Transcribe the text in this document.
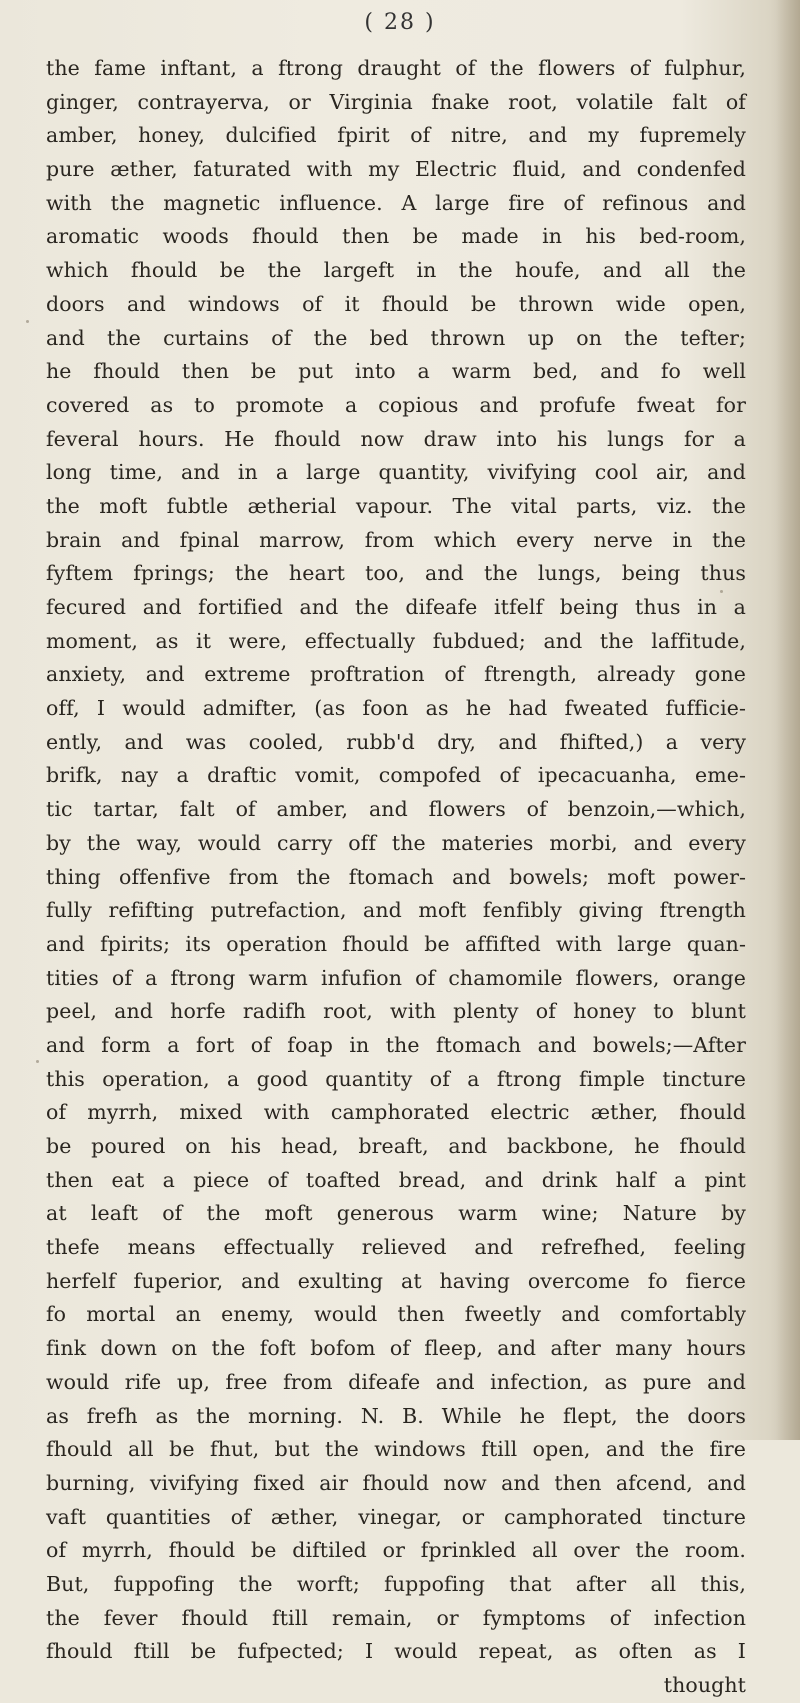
( 28 )
the fame inftant, a ftrong draught of the flowers of fulphur,
ginger, contrayerva, or Virginia fnake root, volatile falt of
amber, honey, dulcified fpirit of nitre, and my fupremely
pure æther, faturated with my Electric fluid, and condenfed
with the magnetic influence. A large fire of refinous and
aromatic woods fhould then be made in his bed-room,
which fhould be the largeft in the houfe, and all the
doors and windows of it fhould be thrown wide open,
and the curtains of the bed thrown up on the tefter;
he fhould then be put into a warm bed, and fo well
covered as to promote a copious and profufe fweat for
feveral hours. He fhould now draw into his lungs for a
long time, and in a large quantity, vivifying cool air, and
the moft fubtle ætherial vapour. The vital parts, viz. the
brain and fpinal marrow, from which every nerve in the
fyftem fprings; the heart too, and the lungs, being thus
fecured and fortified and the difeafe itfelf being thus in a
moment, as it were, effectually fubdued; and the laffitude,
anxiety, and extreme proftration of ftrength, already gone
off, I would admifter, (as foon as he had fweated fufficie-
ently, and was cooled, rubb'd dry, and fhifted,) a very
brifk, nay a draftic vomit, compofed of ipecacuanha, eme-
tic tartar, falt of amber, and flowers of benzoin,—which,
by the way, would carry off the materies morbi, and every
thing offenfive from the ftomach and bowels; moft power-
fully refifting putrefaction, and moft fenfibly giving ftrength
and fpirits; its operation fhould be affifted with large quan-
tities of a ftrong warm infufion of chamomile flowers, orange
peel, and horfe radifh root, with plenty of honey to blunt
and form a fort of foap in the ftomach and bowels;—After
this operation, a good quantity of a ftrong fimple tincture
of myrrh, mixed with camphorated electric æther, fhould
be poured on his head, breaft, and backbone, he fhould
then eat a piece of toafted bread, and drink half a pint
at leaft of the moft generous warm wine; Nature by
thefe means effectually relieved and refrefhed, feeling
herfelf fuperior, and exulting at having overcome fo fierce
fo mortal an enemy, would then fweetly and comfortably
fink down on the foft bofom of fleep, and after many hours
would rife up, free from difeafe and infection, as pure and
as frefh as the morning. N. B. While he flept, the doors
fhould all be fhut, but the windows ftill open, and the fire
burning, vivifying fixed air fhould now and then afcend, and
vaft quantities of æther, vinegar, or camphorated tincture
of myrrh, fhould be diftiled or fprinkled all over the room.
But, fuppofing the worft; fuppofing that after all this,
the fever fhould ftill remain, or fymptoms of infection
fhould ftill be fufpected; I would repeat, as often as I
thought
